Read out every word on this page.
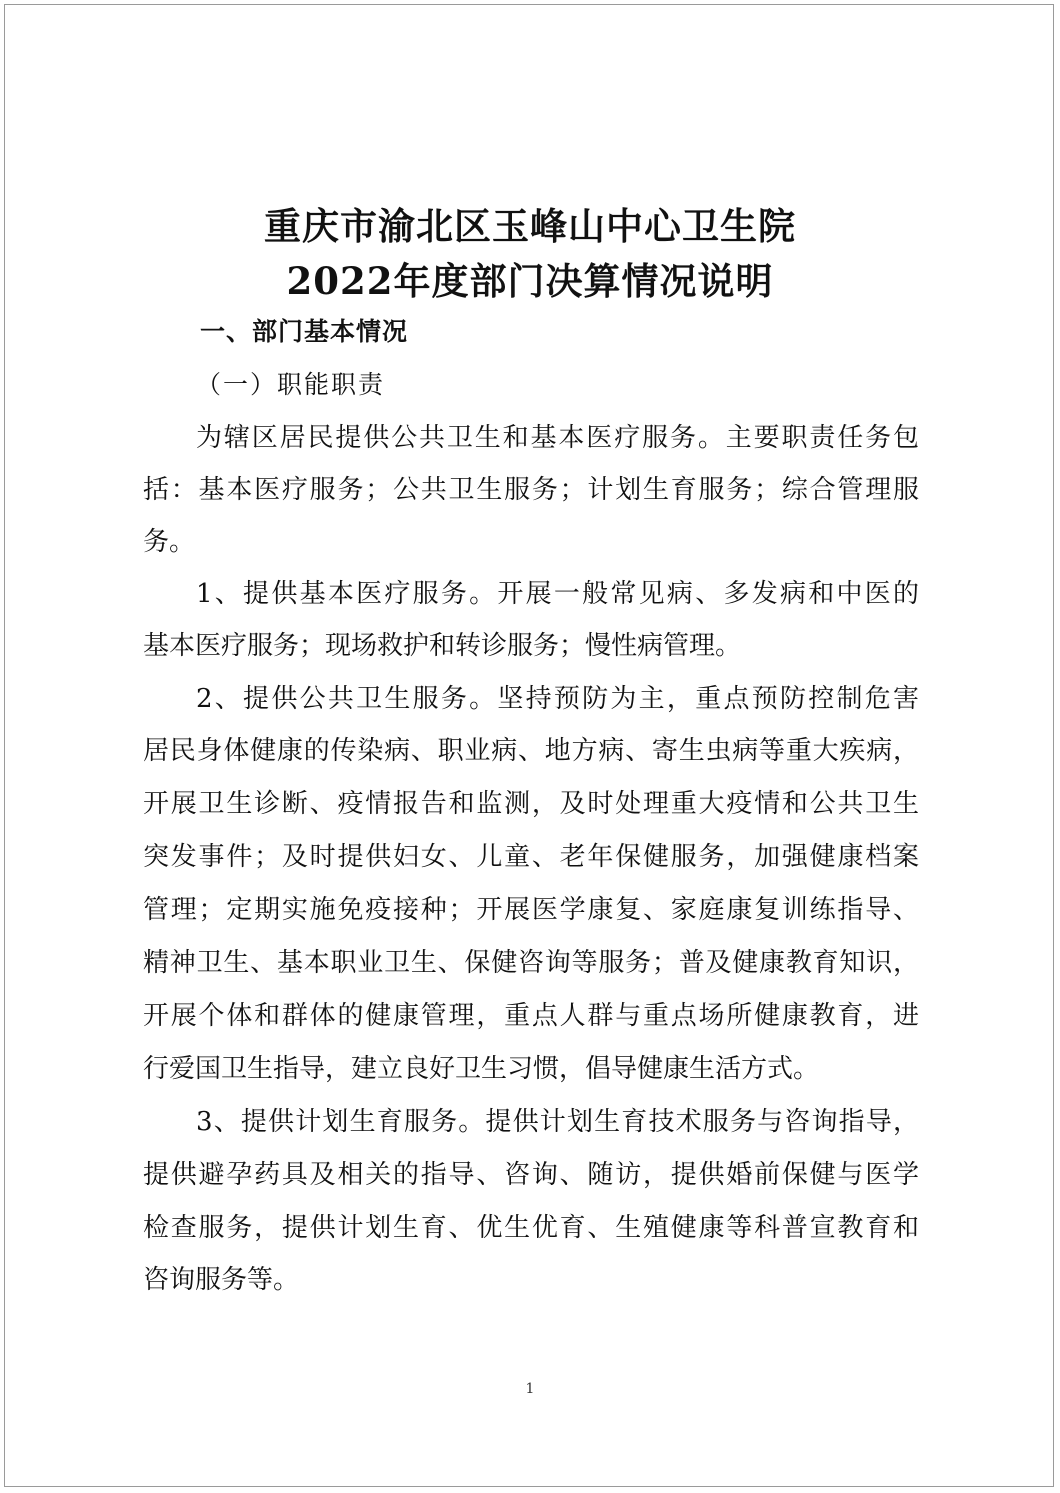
重庆市渝北区玉峰山中心卫生院
2022年度部门决算情况说明
一、部门基本情况
（一）职能职责
为辖区居民提供公共卫生和基本医疗服务。主要职责任务包
括：基本医疗服务；公共卫生服务；计划生育服务；综合管理服
务。
1、提供基本医疗服务。开展一般常见病、多发病和中医的
基本医疗服务；现场救护和转诊服务；慢性病管理。
2、提供公共卫生服务。坚持预防为主，重点预防控制危害
居民身体健康的传染病、职业病、地方病、寄生虫病等重大疾病，
开展卫生诊断、疫情报告和监测，及时处理重大疫情和公共卫生
突发事件；及时提供妇女、儿童、老年保健服务，加强健康档案
管理；定期实施免疫接种；开展医学康复、家庭康复训练指导、
精神卫生、基本职业卫生、保健咨询等服务；普及健康教育知识，
开展个体和群体的健康管理，重点人群与重点场所健康教育，进
行爱国卫生指导，建立良好卫生习惯，倡导健康生活方式。
3、提供计划生育服务。提供计划生育技术服务与咨询指导，
提供避孕药具及相关的指导、咨询、随访，提供婚前保健与医学
检查服务，提供计划生育、优生优育、生殖健康等科普宣教育和
咨询服务等。
1
